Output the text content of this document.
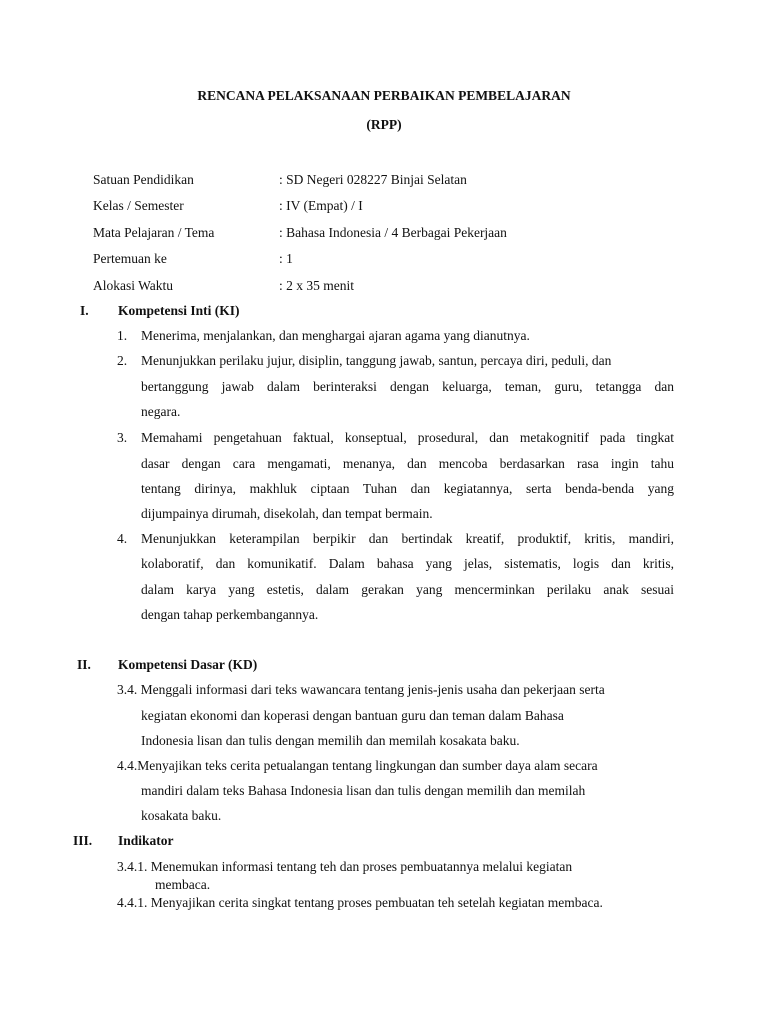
RENCANA PELAKSANAAN PERBAIKAN PEMBELAJARAN
(RPP)
Satuan Pendidikan	: SD Negeri 028227 Binjai Selatan
Kelas / Semester	: IV (Empat) / I
Mata Pelajaran / Tema	: Bahasa Indonesia / 4 Berbagai Pekerjaan
Pertemuan ke	: 1
Alokasi Waktu	: 2 x 35 menit
I. Kompetensi Inti (KI)
1. Menerima, menjalankan, dan menghargai ajaran agama yang dianutnya.
2. Menunjukkan perilaku jujur, disiplin, tanggung jawab, santun, percaya diri, peduli, dan
bertanggung jawab dalam berinteraksi dengan keluarga, teman, guru, tetangga dan
negara.
3. Memahami pengetahuan faktual, konseptual, prosedural, dan metakognitif pada tingkat
dasar dengan cara mengamati, menanya, dan mencoba berdasarkan rasa ingin tahu
tentang dirinya, makhluk ciptaan Tuhan dan kegiatannya, serta benda-benda yang
dijumpainya dirumah, disekolah, dan tempat bermain.
4. Menunjukkan keterampilan berpikir dan bertindak kreatif, produktif, kritis, mandiri,
kolaboratif, dan komunikatif. Dalam bahasa yang jelas, sistematis, logis dan kritis,
dalam karya yang estetis, dalam gerakan yang mencerminkan perilaku anak sesuai
dengan tahap perkembangannya.
II. Kompetensi Dasar (KD)
3.4. Menggali informasi dari teks wawancara tentang jenis-jenis usaha dan pekerjaan serta
kegiatan ekonomi dan koperasi dengan bantuan guru dan teman dalam Bahasa
Indonesia lisan dan tulis dengan memilih dan memilah kosakata baku.
4.4.Menyajikan teks cerita petualangan tentang lingkungan dan sumber daya alam secara
mandiri dalam teks Bahasa Indonesia lisan dan tulis dengan memilih dan memilah
kosakata baku.
III. Indikator
3.4.1. Menemukan informasi tentang teh dan proses pembuatannya melalui kegiatan
membaca.
4.4.1. Menyajikan cerita singkat tentang proses pembuatan teh setelah kegiatan membaca.
